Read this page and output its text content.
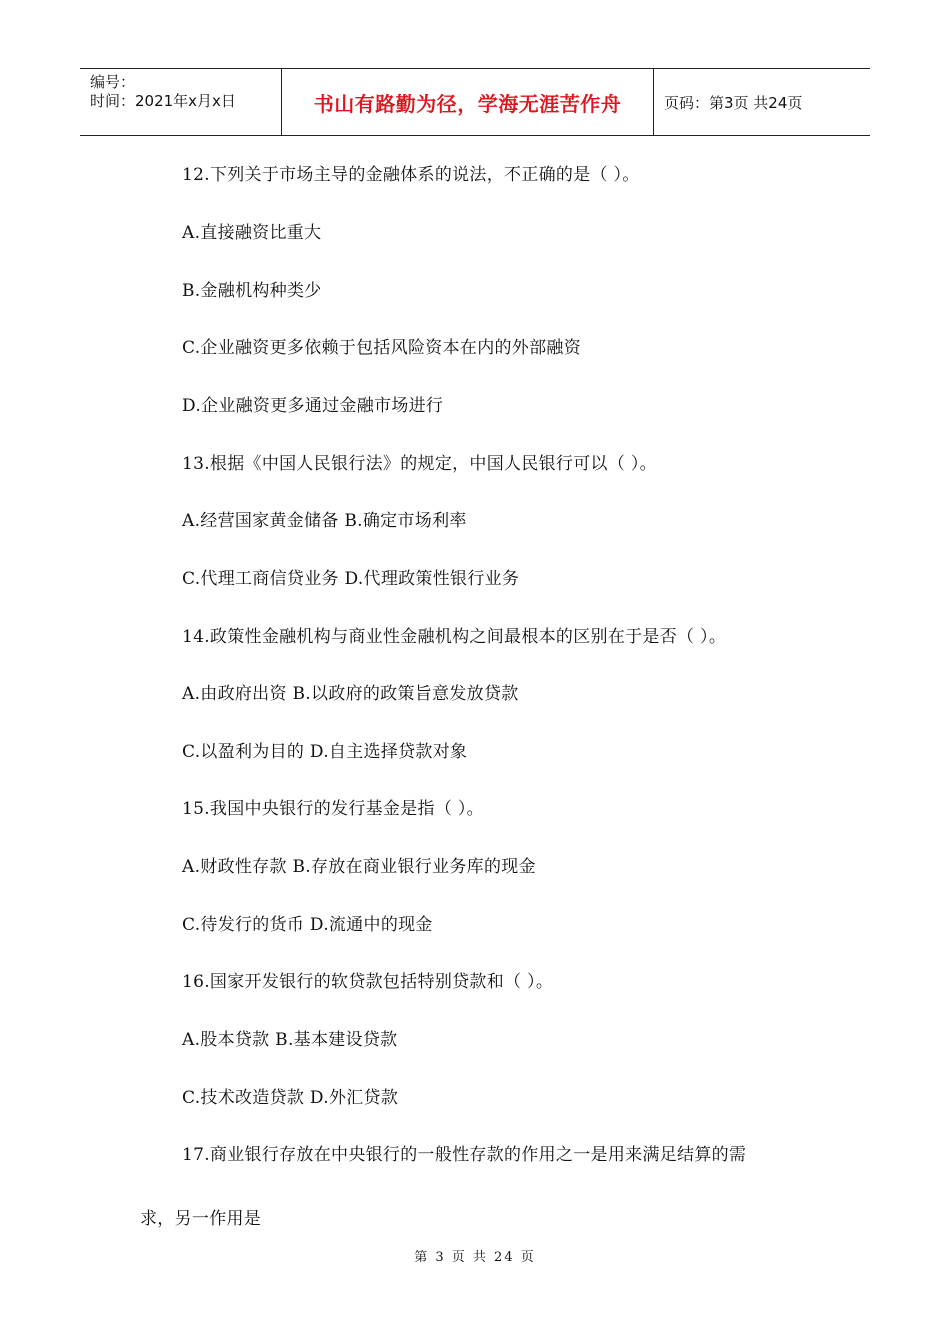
编号：
时间：2021年x月x日	书山有路勤为径，学海无涯苦作舟	页码：第3页 共24页
12.下列关于市场主导的金融体系的说法，不正确的是（ ）。
A.直接融资比重大
B.金融机构种类少
C.企业融资更多依赖于包括风险资本在内的外部融资
D.企业融资更多通过金融市场进行
13.根据《中国人民银行法》的规定，中国人民银行可以（ ）。
A.经营国家黄金储备 B.确定市场利率
C.代理工商信贷业务 D.代理政策性银行业务
14.政策性金融机构与商业性金融机构之间最根本的区别在于是否（ ）。
A.由政府出资 B.以政府的政策旨意发放贷款
C.以盈利为目的 D.自主选择贷款对象
15.我国中央银行的发行基金是指（ ）。
A.财政性存款 B.存放在商业银行业务库的现金
C.待发行的货币 D.流通中的现金
16.国家开发银行的软贷款包括特别贷款和（ ）。
A.股本贷款 B.基本建设贷款
C.技术改造贷款 D.外汇贷款
17.商业银行存放在中央银行的一般性存款的作用之一是用来满足结算的需
求，另一作用是
第 3 页 共 24 页
